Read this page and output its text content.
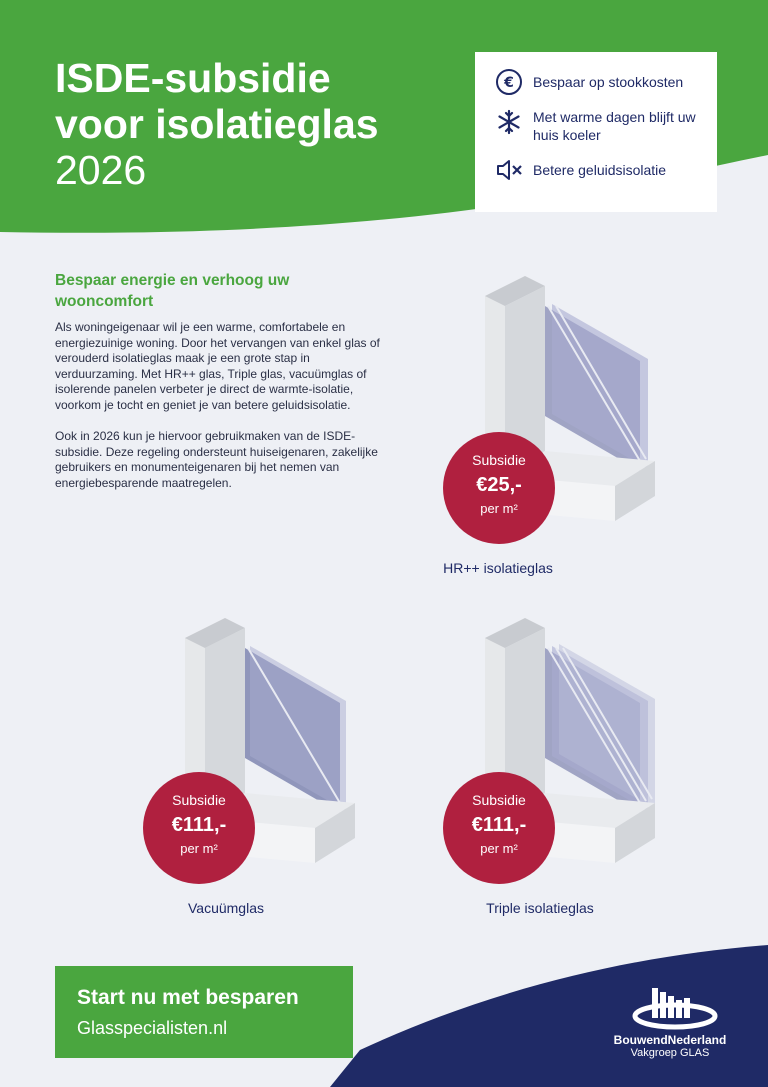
ISDE-subsidie
voor isolatieglas
2026
€ Bespaar op stookkosten
Met warme dagen blijft uw huis koeler
Betere geluidsisolatie
Bespaar energie en verhoog uw wooncomfort

Als woningeigenaar wil je een warme, comfortabele en energiezuinige woning. Door het vervangen van enkel glas of verouderd isolatieglas maak je een grote stap in verduurzaming. Met HR++ glas, Triple glas, vacuümglas of isolerende panelen verbeter je direct de warmte-isolatie, voorkom je tocht en geniet je van betere geluidsisolatie.

Ook in 2026 kun je hiervoor gebruikmaken van de ISDE-subsidie. Deze regeling ondersteunt huiseigenaren, zakelijke gebruikers en monumenteigenaren bij het nemen van energiebesparende maatregelen.

Subsidie
€25,-
per m²
HR++ isolatieglas
Subsidie
€111,-
per m²
Vacuümglas
Subsidie
€111,-
per m²
Triple isolatieglas
Start nu met besparen
Glasspecialisten.nl
BouwendNederland
Vakgroep GLAS
